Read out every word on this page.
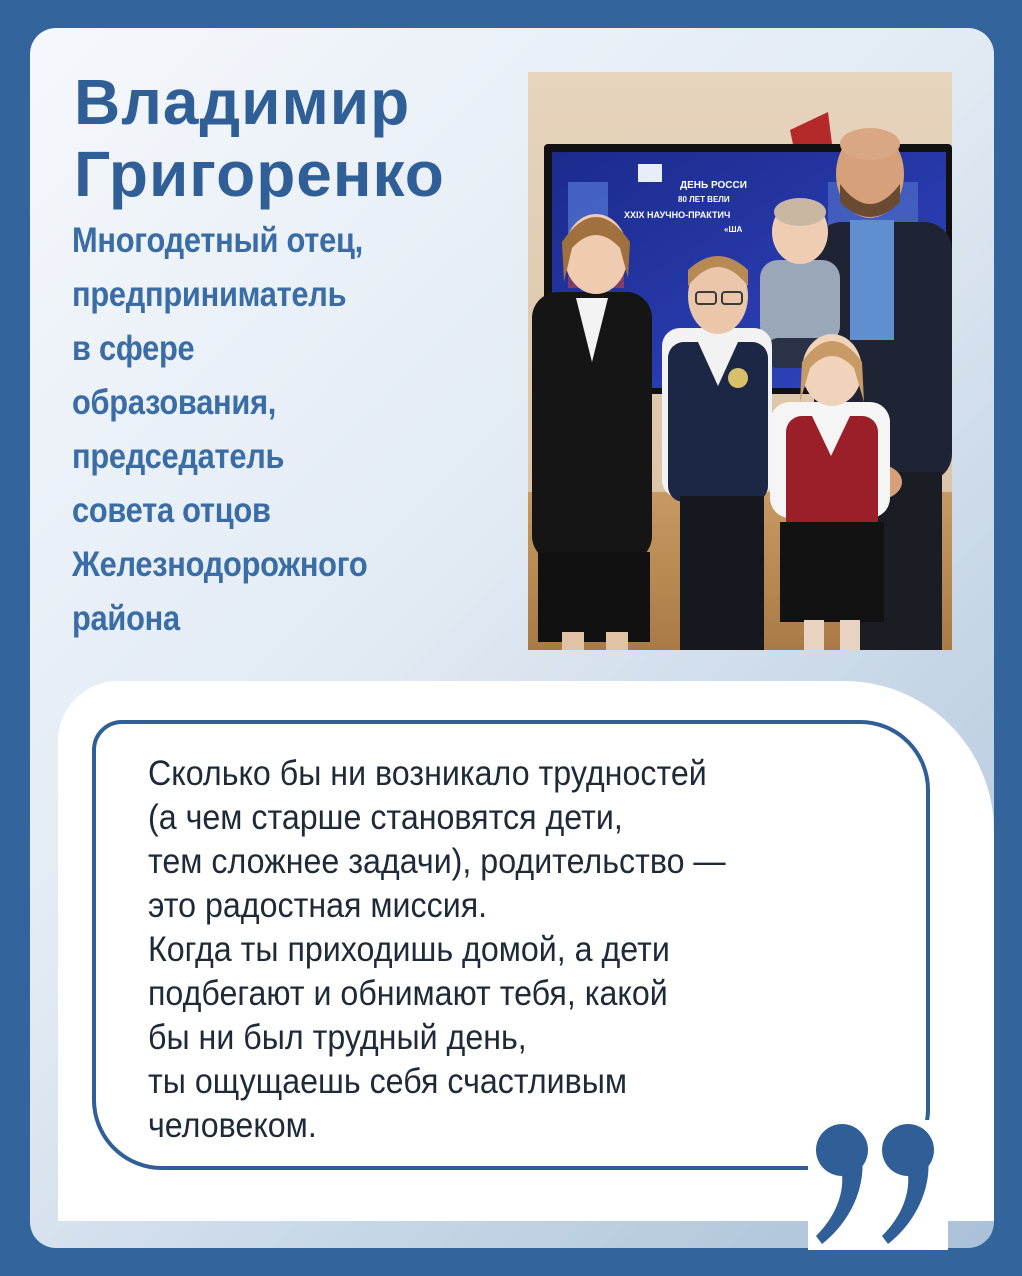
Владимир
Григоренко
Многодетный отец,
предприниматель
в сфере
образования,
председатель
совета отцов
Железнодорожного
района
ДЕНЬ РОССИ
80 ЛЕТ ВЕЛИ
XXIX НАУЧНО-ПРАКТИЧ
«ША
Сколько бы ни возникало трудностей
(а чем старше становятся дети,
тем сложнее задачи), родительство —
это радостная миссия.
Когда ты приходишь домой, а дети
подбегают и обнимают тебя, какой
бы ни был трудный день,
ты ощущаешь себя счастливым
человеком.
